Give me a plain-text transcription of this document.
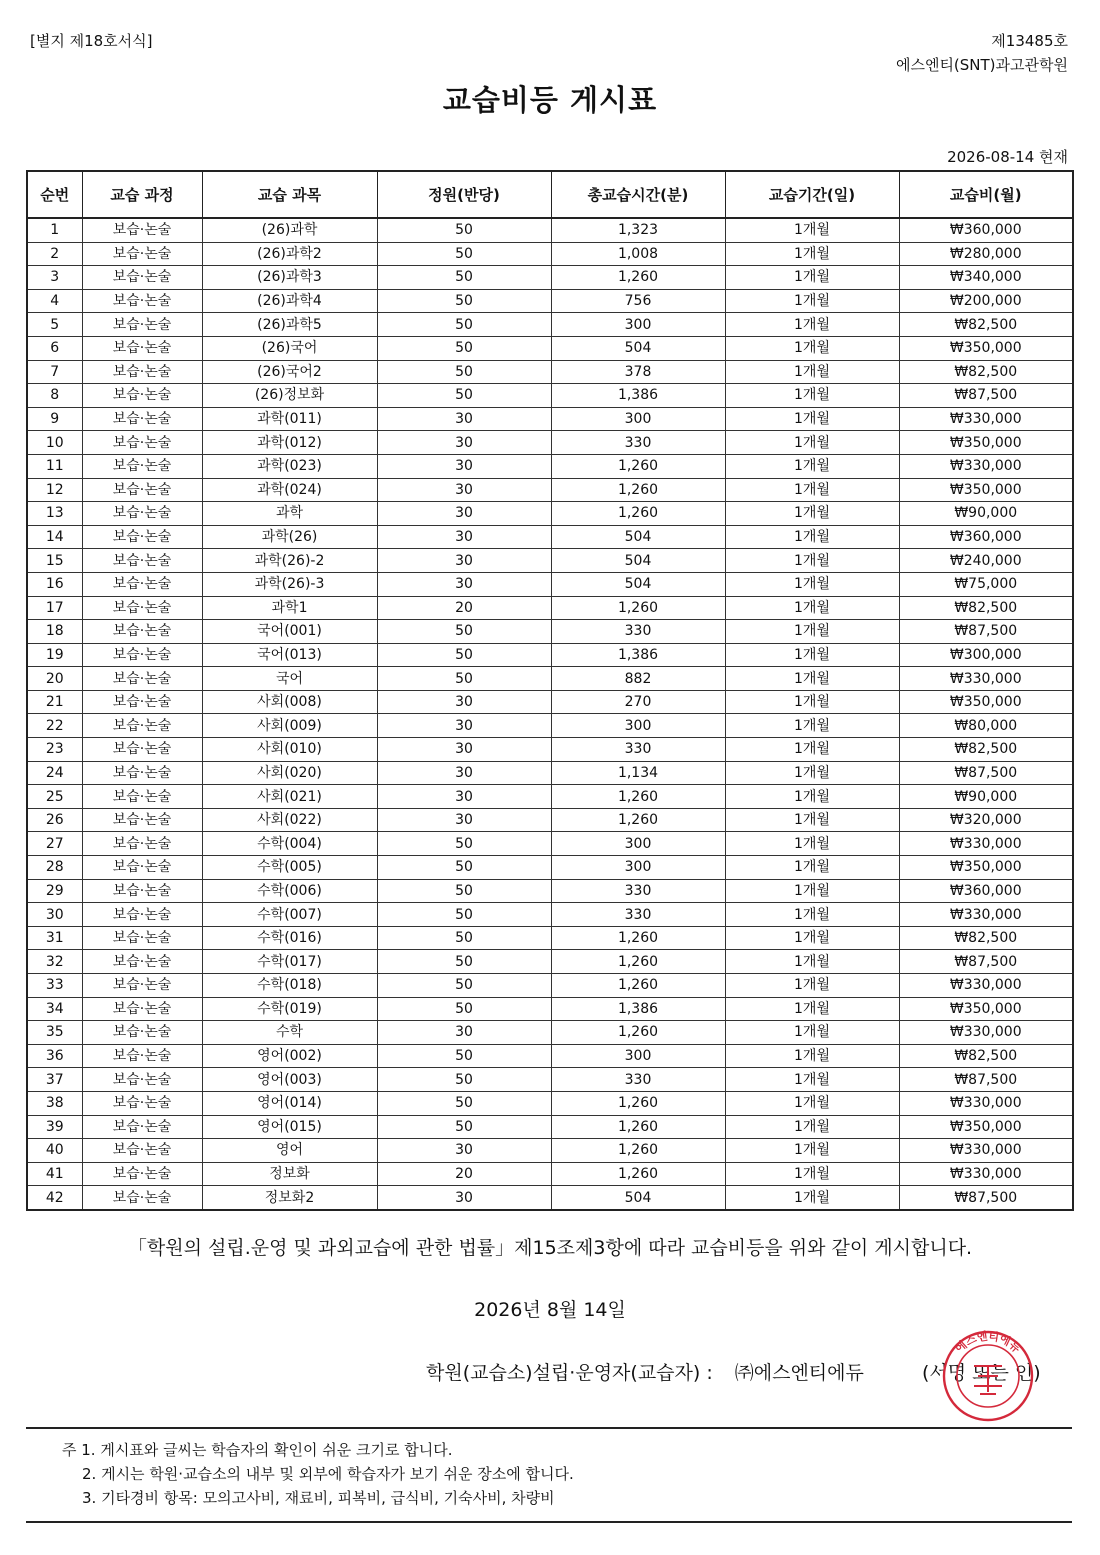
[별지 제18호서식]	제13485호
에스엔티(SNT)과고관학원
교습비등 게시표
2026-08-14 현재
순번	교습 과정	교습 과목	정원(반당)	총교습시간(분)	교습기간(일)	교습비(월)
1	보습·논술	(26)과학	50	1,323	1개월	₩360,000
2	보습·논술	(26)과학2	50	1,008	1개월	₩280,000
3	보습·논술	(26)과학3	50	1,260	1개월	₩340,000
4	보습·논술	(26)과학4	50	756	1개월	₩200,000
5	보습·논술	(26)과학5	50	300	1개월	₩82,500
6	보습·논술	(26)국어	50	504	1개월	₩350,000
7	보습·논술	(26)국어2	50	378	1개월	₩82,500
8	보습·논술	(26)정보화	50	1,386	1개월	₩87,500
9	보습·논술	과학(011)	30	300	1개월	₩330,000
10	보습·논술	과학(012)	30	330	1개월	₩350,000
11	보습·논술	과학(023)	30	1,260	1개월	₩330,000
12	보습·논술	과학(024)	30	1,260	1개월	₩350,000
13	보습·논술	과학	30	1,260	1개월	₩90,000
14	보습·논술	과학(26)	30	504	1개월	₩360,000
15	보습·논술	과학(26)-2	30	504	1개월	₩240,000
16	보습·논술	과학(26)-3	30	504	1개월	₩75,000
17	보습·논술	과학1	20	1,260	1개월	₩82,500
18	보습·논술	국어(001)	50	330	1개월	₩87,500
19	보습·논술	국어(013)	50	1,386	1개월	₩300,000
20	보습·논술	국어	50	882	1개월	₩330,000
21	보습·논술	사회(008)	30	270	1개월	₩350,000
22	보습·논술	사회(009)	30	300	1개월	₩80,000
23	보습·논술	사회(010)	30	330	1개월	₩82,500
24	보습·논술	사회(020)	30	1,134	1개월	₩87,500
25	보습·논술	사회(021)	30	1,260	1개월	₩90,000
26	보습·논술	사회(022)	30	1,260	1개월	₩320,000
27	보습·논술	수학(004)	50	300	1개월	₩330,000
28	보습·논술	수학(005)	50	300	1개월	₩350,000
29	보습·논술	수학(006)	50	330	1개월	₩360,000
30	보습·논술	수학(007)	50	330	1개월	₩330,000
31	보습·논술	수학(016)	50	1,260	1개월	₩82,500
32	보습·논술	수학(017)	50	1,260	1개월	₩87,500
33	보습·논술	수학(018)	50	1,260	1개월	₩330,000
34	보습·논술	수학(019)	50	1,386	1개월	₩350,000
35	보습·논술	수학	30	1,260	1개월	₩330,000
36	보습·논술	영어(002)	50	300	1개월	₩82,500
37	보습·논술	영어(003)	50	330	1개월	₩87,500
38	보습·논술	영어(014)	50	1,260	1개월	₩330,000
39	보습·논술	영어(015)	50	1,260	1개월	₩350,000
40	보습·논술	영어	30	1,260	1개월	₩330,000
41	보습·논술	정보화	20	1,260	1개월	₩330,000
42	보습·논술	정보화2	30	504	1개월	₩87,500
「학원의 설립.운영 및 과외교습에 관한 법률」제15조제3항에 따라 교습비등을 위와 같이 게시합니다.
2026년 8월 14일
학원(교습소)설립·운영자(교습자) : ㈜에스엔티에듀	(서명 또는 인)
에스엔티에듀
주 1. 게시표와 글씨는 학습자의 확인이 쉬운 크기로 합니다.
2. 게시는 학원·교습소의 내부 및 외부에 학습자가 보기 쉬운 장소에 합니다.
3. 기타경비 항목: 모의고사비, 재료비, 피복비, 급식비, 기숙사비, 차량비
